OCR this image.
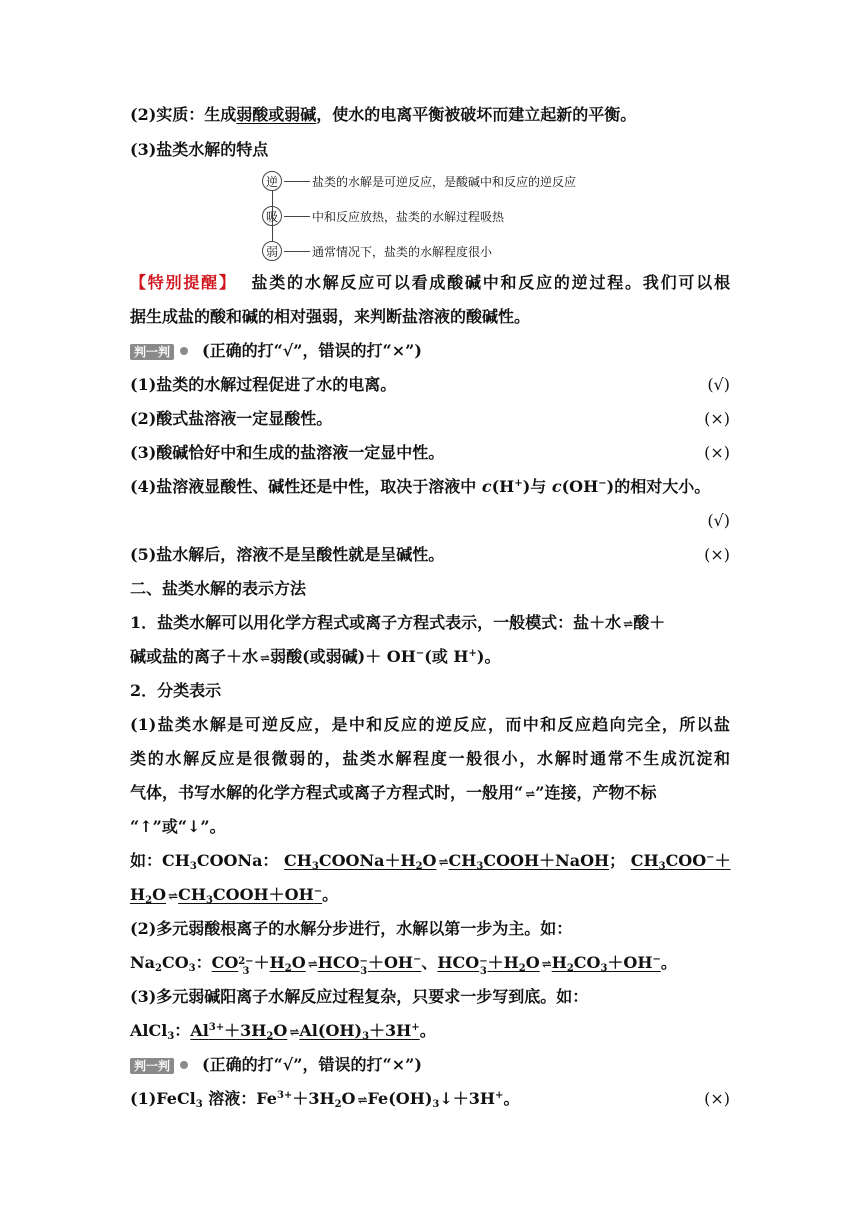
(2)实质：生成弱酸或弱碱，使水的电离平衡被破坏而建立起新的平衡。
(3)盐类水解的特点
逆	盐类的水解是可逆反应，是酸碱中和反应的逆反应
吸	中和反应放热，盐类的水解过程吸热
弱	通常情况下，盐类的水解程度很小
【特别提醒】 盐类的水解反应可以看成酸碱中和反应的逆过程。我们可以根
据生成盐的酸和碱的相对强弱，来判断盐溶液的酸碱性。
判一判 (正确的打“√”，错误的打“×”)
(1)盐类的水解过程促进了水的电离。	(√)
(2)酸式盐溶液一定显酸性。	(×)
(3)酸碱恰好中和生成的盐溶液一定显中性。	(×)
(4)盐溶液显酸性、碱性还是中性，取决于溶液中 c(H+)与 c(OH−)的相对大小。
(√)
(5)盐水解后，溶液不是呈酸性就是呈碱性。	(×)
二、盐类水解的表示方法
1．盐类水解可以用化学方程式或离子方程式表示，一般模式：盐＋水 ⇌ 酸＋
碱或盐的离子＋水 ⇌ 弱酸(或弱碱)＋ OH−(或 H+)。
2．分类表示
(1)盐类水解是可逆反应，是中和反应的逆反应，而中和反应趋向完全，所以盐
类的水解反应是很微弱的，盐类水解程度一般很小，水解时通常不生成沉淀和
气体，书写水解的化学方程式或离子方程式时，一般用“ ⇌ ”连接，产物不标
“↑”或“↓”。
如：$CH_3COONa$： $CH_3COONa+H_2O$ ⇌ $CH_3COOH+NaOH$； $CH_3COO^-+$
$H_2O$ ⇌ $CH_3COOH+OH^-$。
(2)多元弱酸根离子的水解分步进行，水解以第一步为主。如：
$Na_2CO_3$：CO 2−
$3 +H_2O$ ⇌ HCO −
3 ＋OH−、HCO −
$3 +H_2O$ ⇌ $H_2CO_3+OH^-$。
(3)多元弱碱阳离子水解反应过程复杂，只要求一步写到底。如：
AlCl$_3$：$Al^{3+}+3H_2O$ ⇌ $Al(OH)_3+3H^+$。
判一判 (正确的打“√”，错误的打“×”)
(1)FeCl$_3$ 溶液：$Fe^{3+}+3H_2O$ ⇌ $Fe(OH)_3↓+3H^+$。	(×)
